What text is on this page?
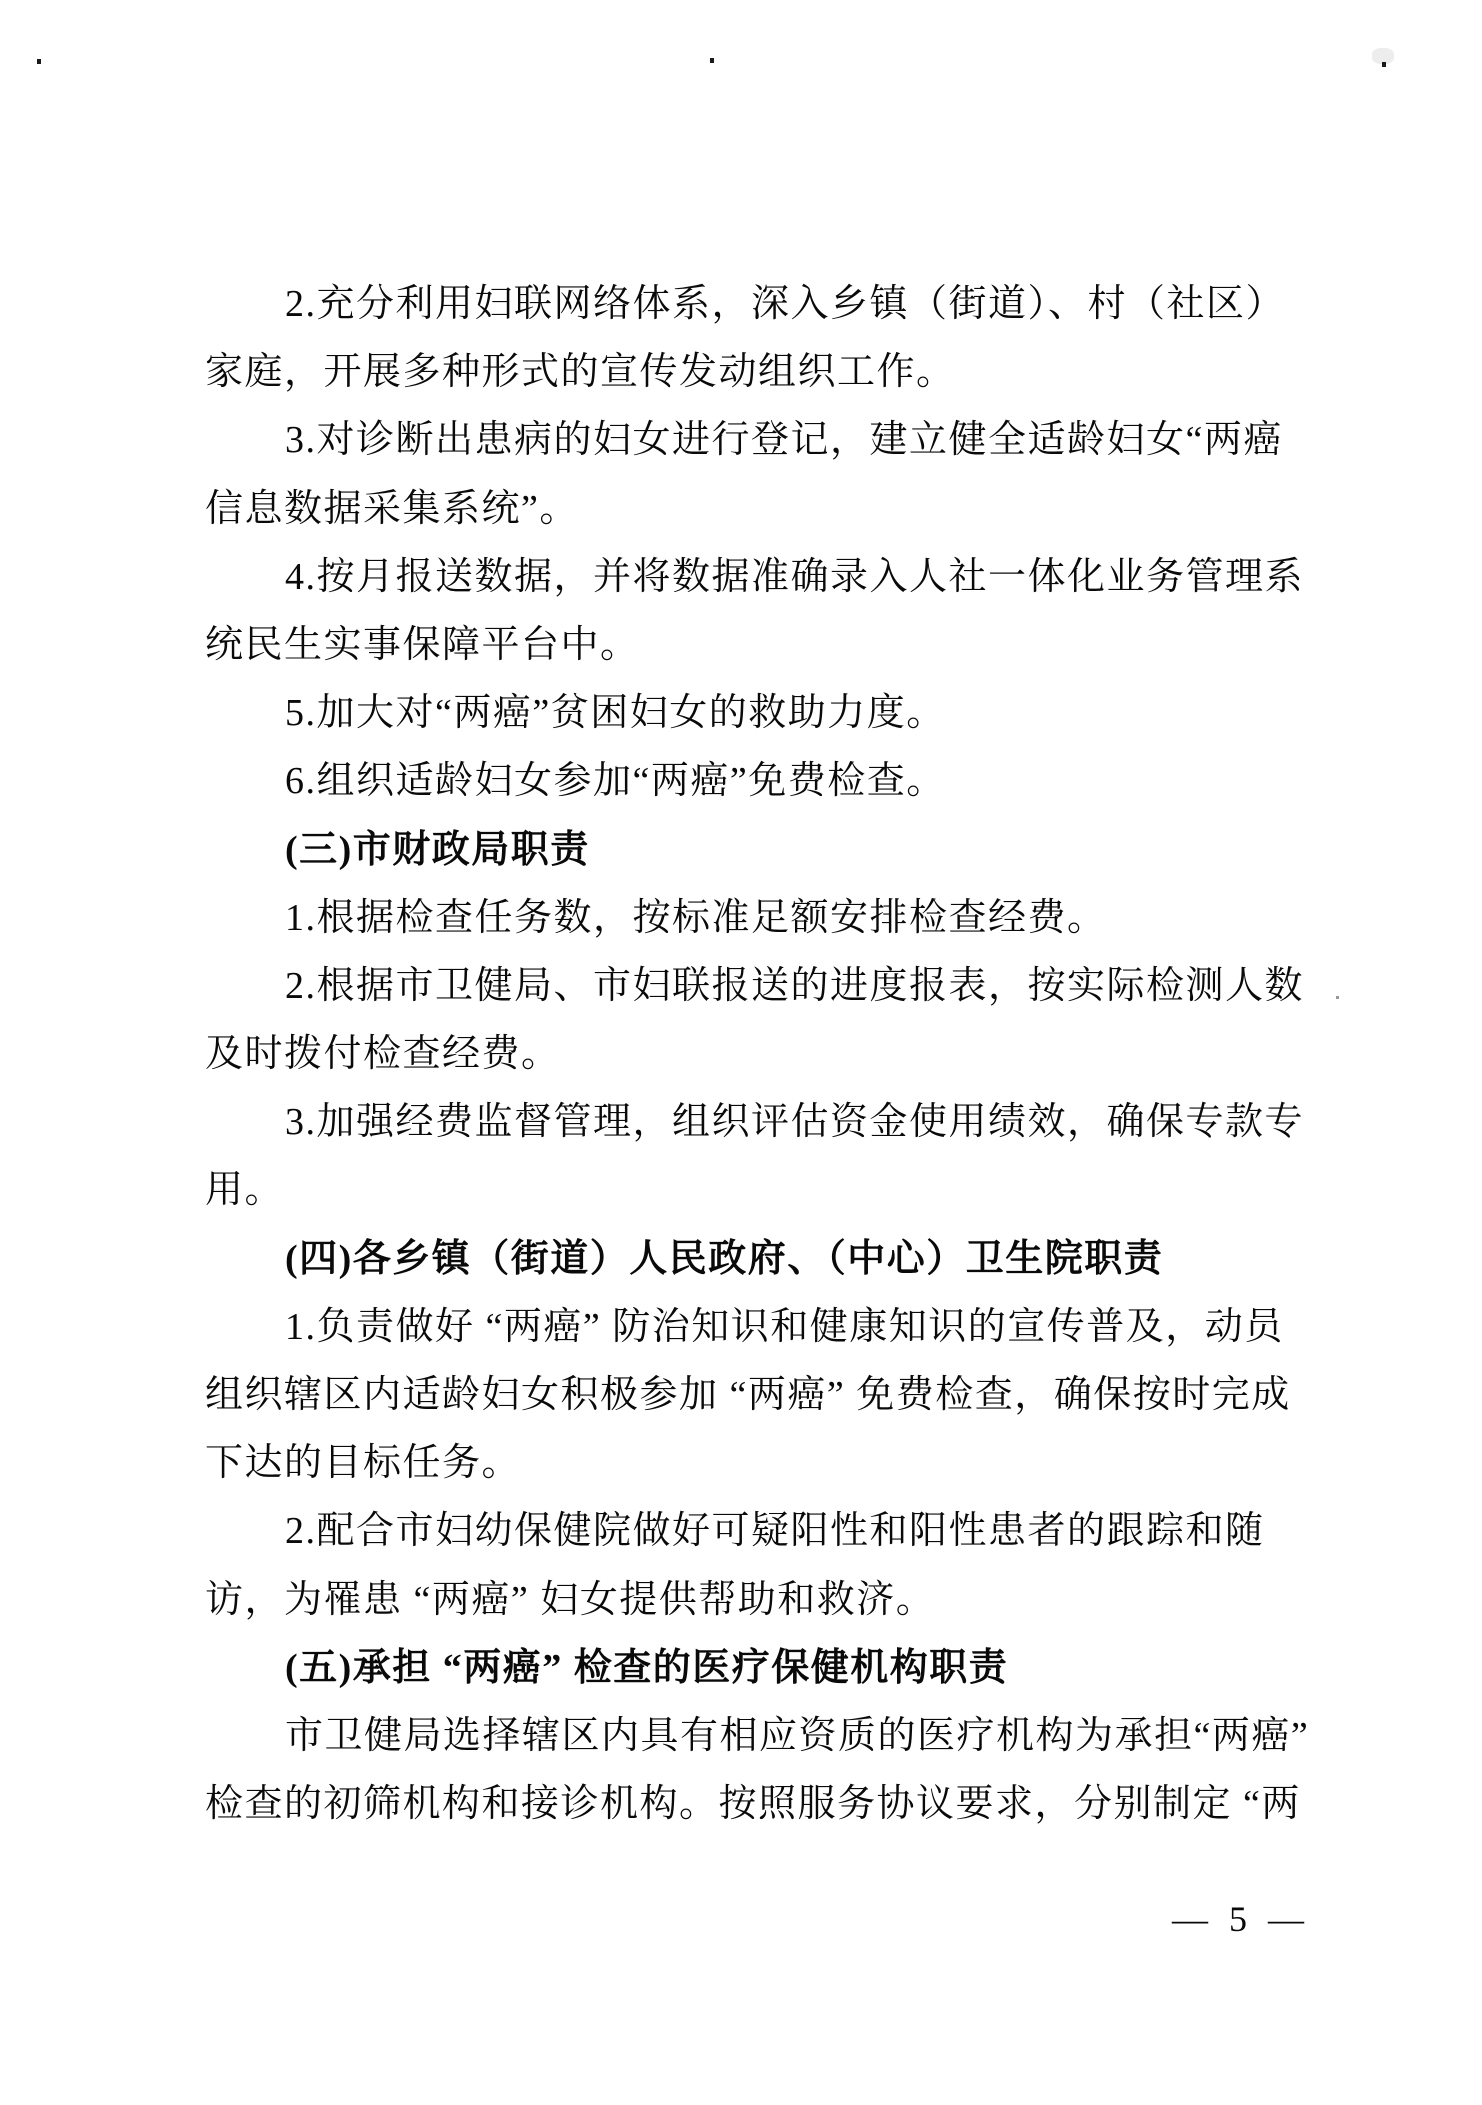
2.充分利用妇联网络体系，深入乡镇（街道）、村（社区）
家庭，开展多种形式的宣传发动组织工作。
3.对诊断出患病的妇女进行登记，建立健全适龄妇女“两癌
信息数据采集系统”。
4.按月报送数据，并将数据准确录入人社一体化业务管理系
统民生实事保障平台中。
5.加大对“两癌”贫困妇女的救助力度。
6.组织适龄妇女参加“两癌”免费检查。
(三)市财政局职责
1.根据检查任务数，按标准足额安排检查经费。
2.根据市卫健局、市妇联报送的进度报表，按实际检测人数
及时拨付检查经费。
3.加强经费监督管理，组织评估资金使用绩效，确保专款专
用。
(四)各乡镇（街道）人民政府、（中心）卫生院职责
1.负责做好 “两癌” 防治知识和健康知识的宣传普及，动员
组织辖区内适龄妇女积极参加 “两癌” 免费检查，确保按时完成
下达的目标任务。
2.配合市妇幼保健院做好可疑阳性和阳性患者的跟踪和随
访，为罹患 “两癌” 妇女提供帮助和救济。
(五)承担 “两癌” 检查的医疗保健机构职责
市卫健局选择辖区内具有相应资质的医疗机构为承担“两癌”
检查的初筛机构和接诊机构。按照服务协议要求，分别制定 “两
— 5 —
